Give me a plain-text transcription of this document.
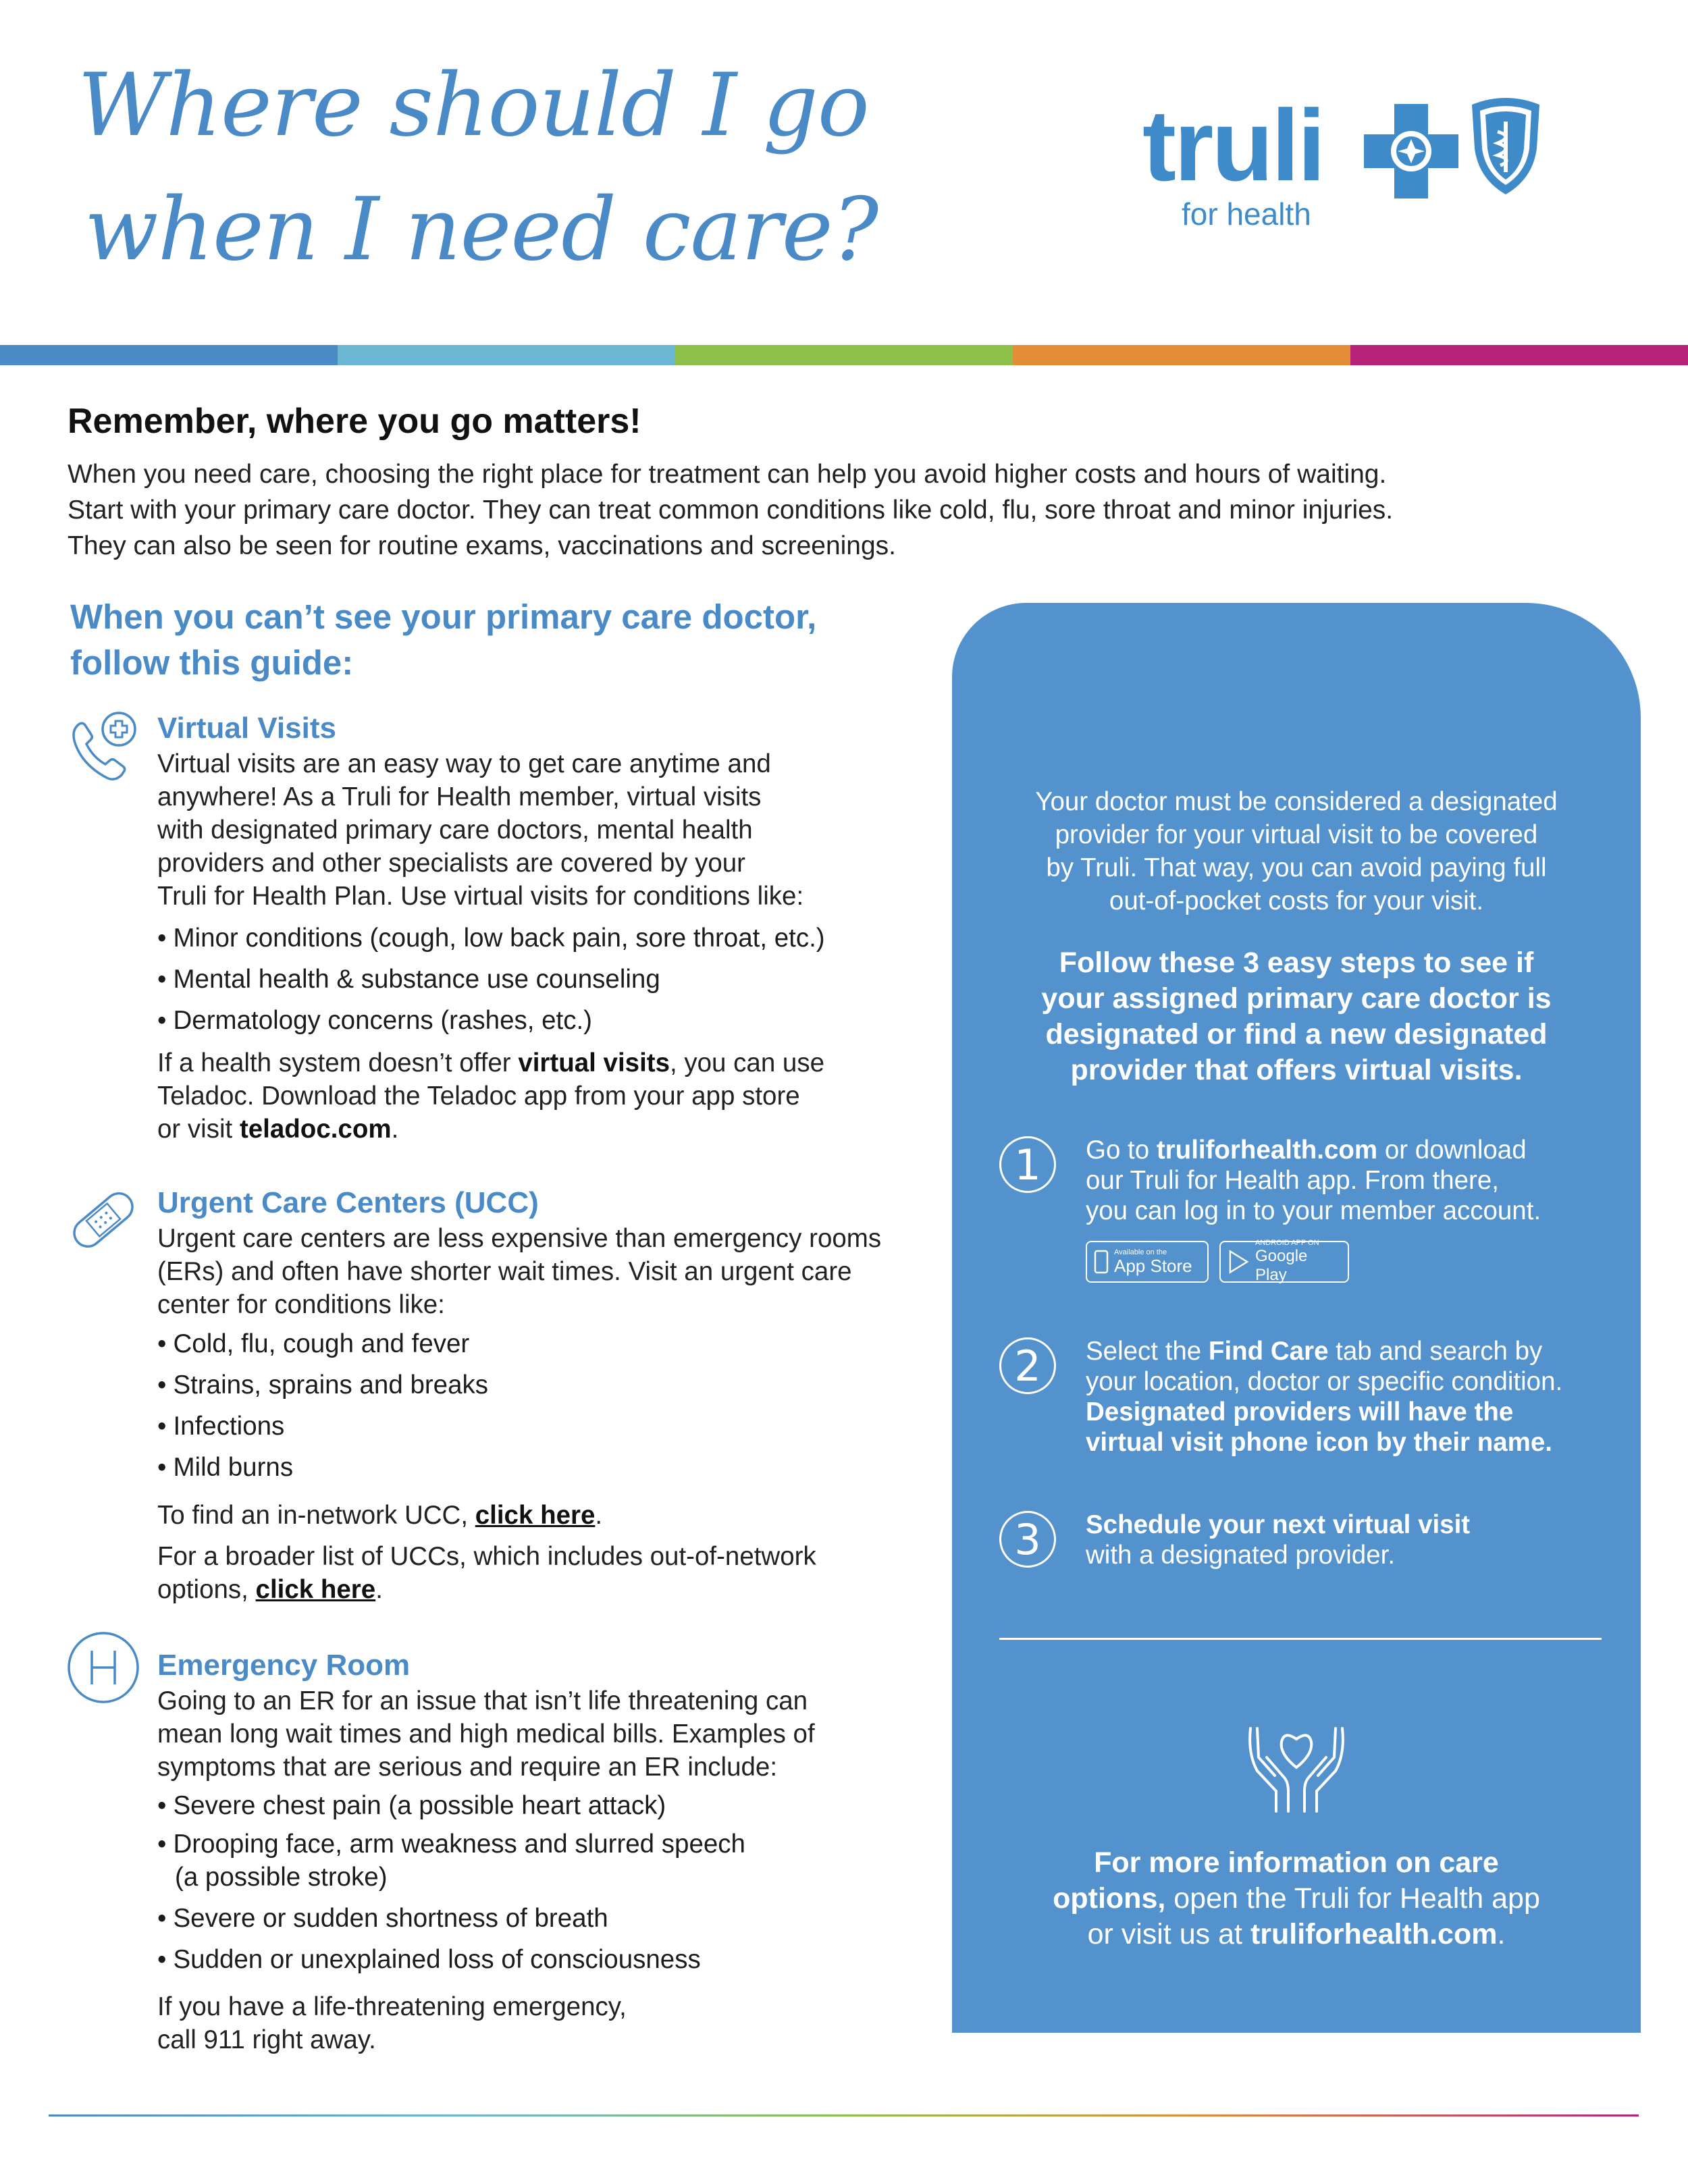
Where should I go
when I need care?
truli
for health
Remember, where you go matters!
When you need care, choosing the right place for treatment can help you avoid higher costs and hours of waiting.
Start with your primary care doctor. They can treat common conditions like cold, flu, sore throat and minor injuries.
They can also be seen for routine exams, vaccinations and screenings.
When you can’t see your primary care doctor,
follow this guide:
Virtual Visits
Virtual visits are an easy way to get care anytime and
anywhere! As a Truli for Health member, virtual visits
with designated primary care doctors, mental health
providers and other specialists are covered by your
Truli for Health Plan. Use virtual visits for conditions like:
• Minor conditions (cough, low back pain, sore throat, etc.)
• Mental health & substance use counseling
• Dermatology concerns (rashes, etc.)
If a health system doesn’t offer virtual visits, you can use
Teladoc. Download the Teladoc app from your app store
or visit teladoc.com.
Urgent Care Centers (UCC)
Urgent care centers are less expensive than emergency rooms
(ERs) and often have shorter wait times. Visit an urgent care
center for conditions like:
• Cold, flu, cough and fever
• Strains, sprains and breaks
• Infections
• Mild burns
To find an in-network UCC, click here.
For a broader list of UCCs, which includes out-of-network
options, click here.
Emergency Room
Going to an ER for an issue that isn’t life threatening can
mean long wait times and high medical bills. Examples of
symptoms that are serious and require an ER include:
• Severe chest pain (a possible heart attack)
• Drooping face, arm weakness and slurred speech
(a possible stroke)
• Severe or sudden shortness of breath
• Sudden or unexplained loss of consciousness
If you have a life-threatening emergency,
call 911 right away.
Your doctor must be considered a designated
provider for your virtual visit to be covered
by Truli. That way, you can avoid paying full
out-of-pocket costs for your visit.
Follow these 3 easy steps to see if
your assigned primary care doctor is
designated or find a new designated
provider that offers virtual visits.
1	Go to truliforhealth.com or download
our Truli for Health app. From there,
you can log in to your member account.
Available on the
App Store
ANDROID APP ON
Google Play
2	Select the Find Care tab and search by
your location, doctor or specific condition.
Designated providers will have the
virtual visit phone icon by their name.
3	Schedule your next virtual visit
with a designated provider.
For more information on care
options, open the Truli for Health app
or visit us at truliforhealth.com.
